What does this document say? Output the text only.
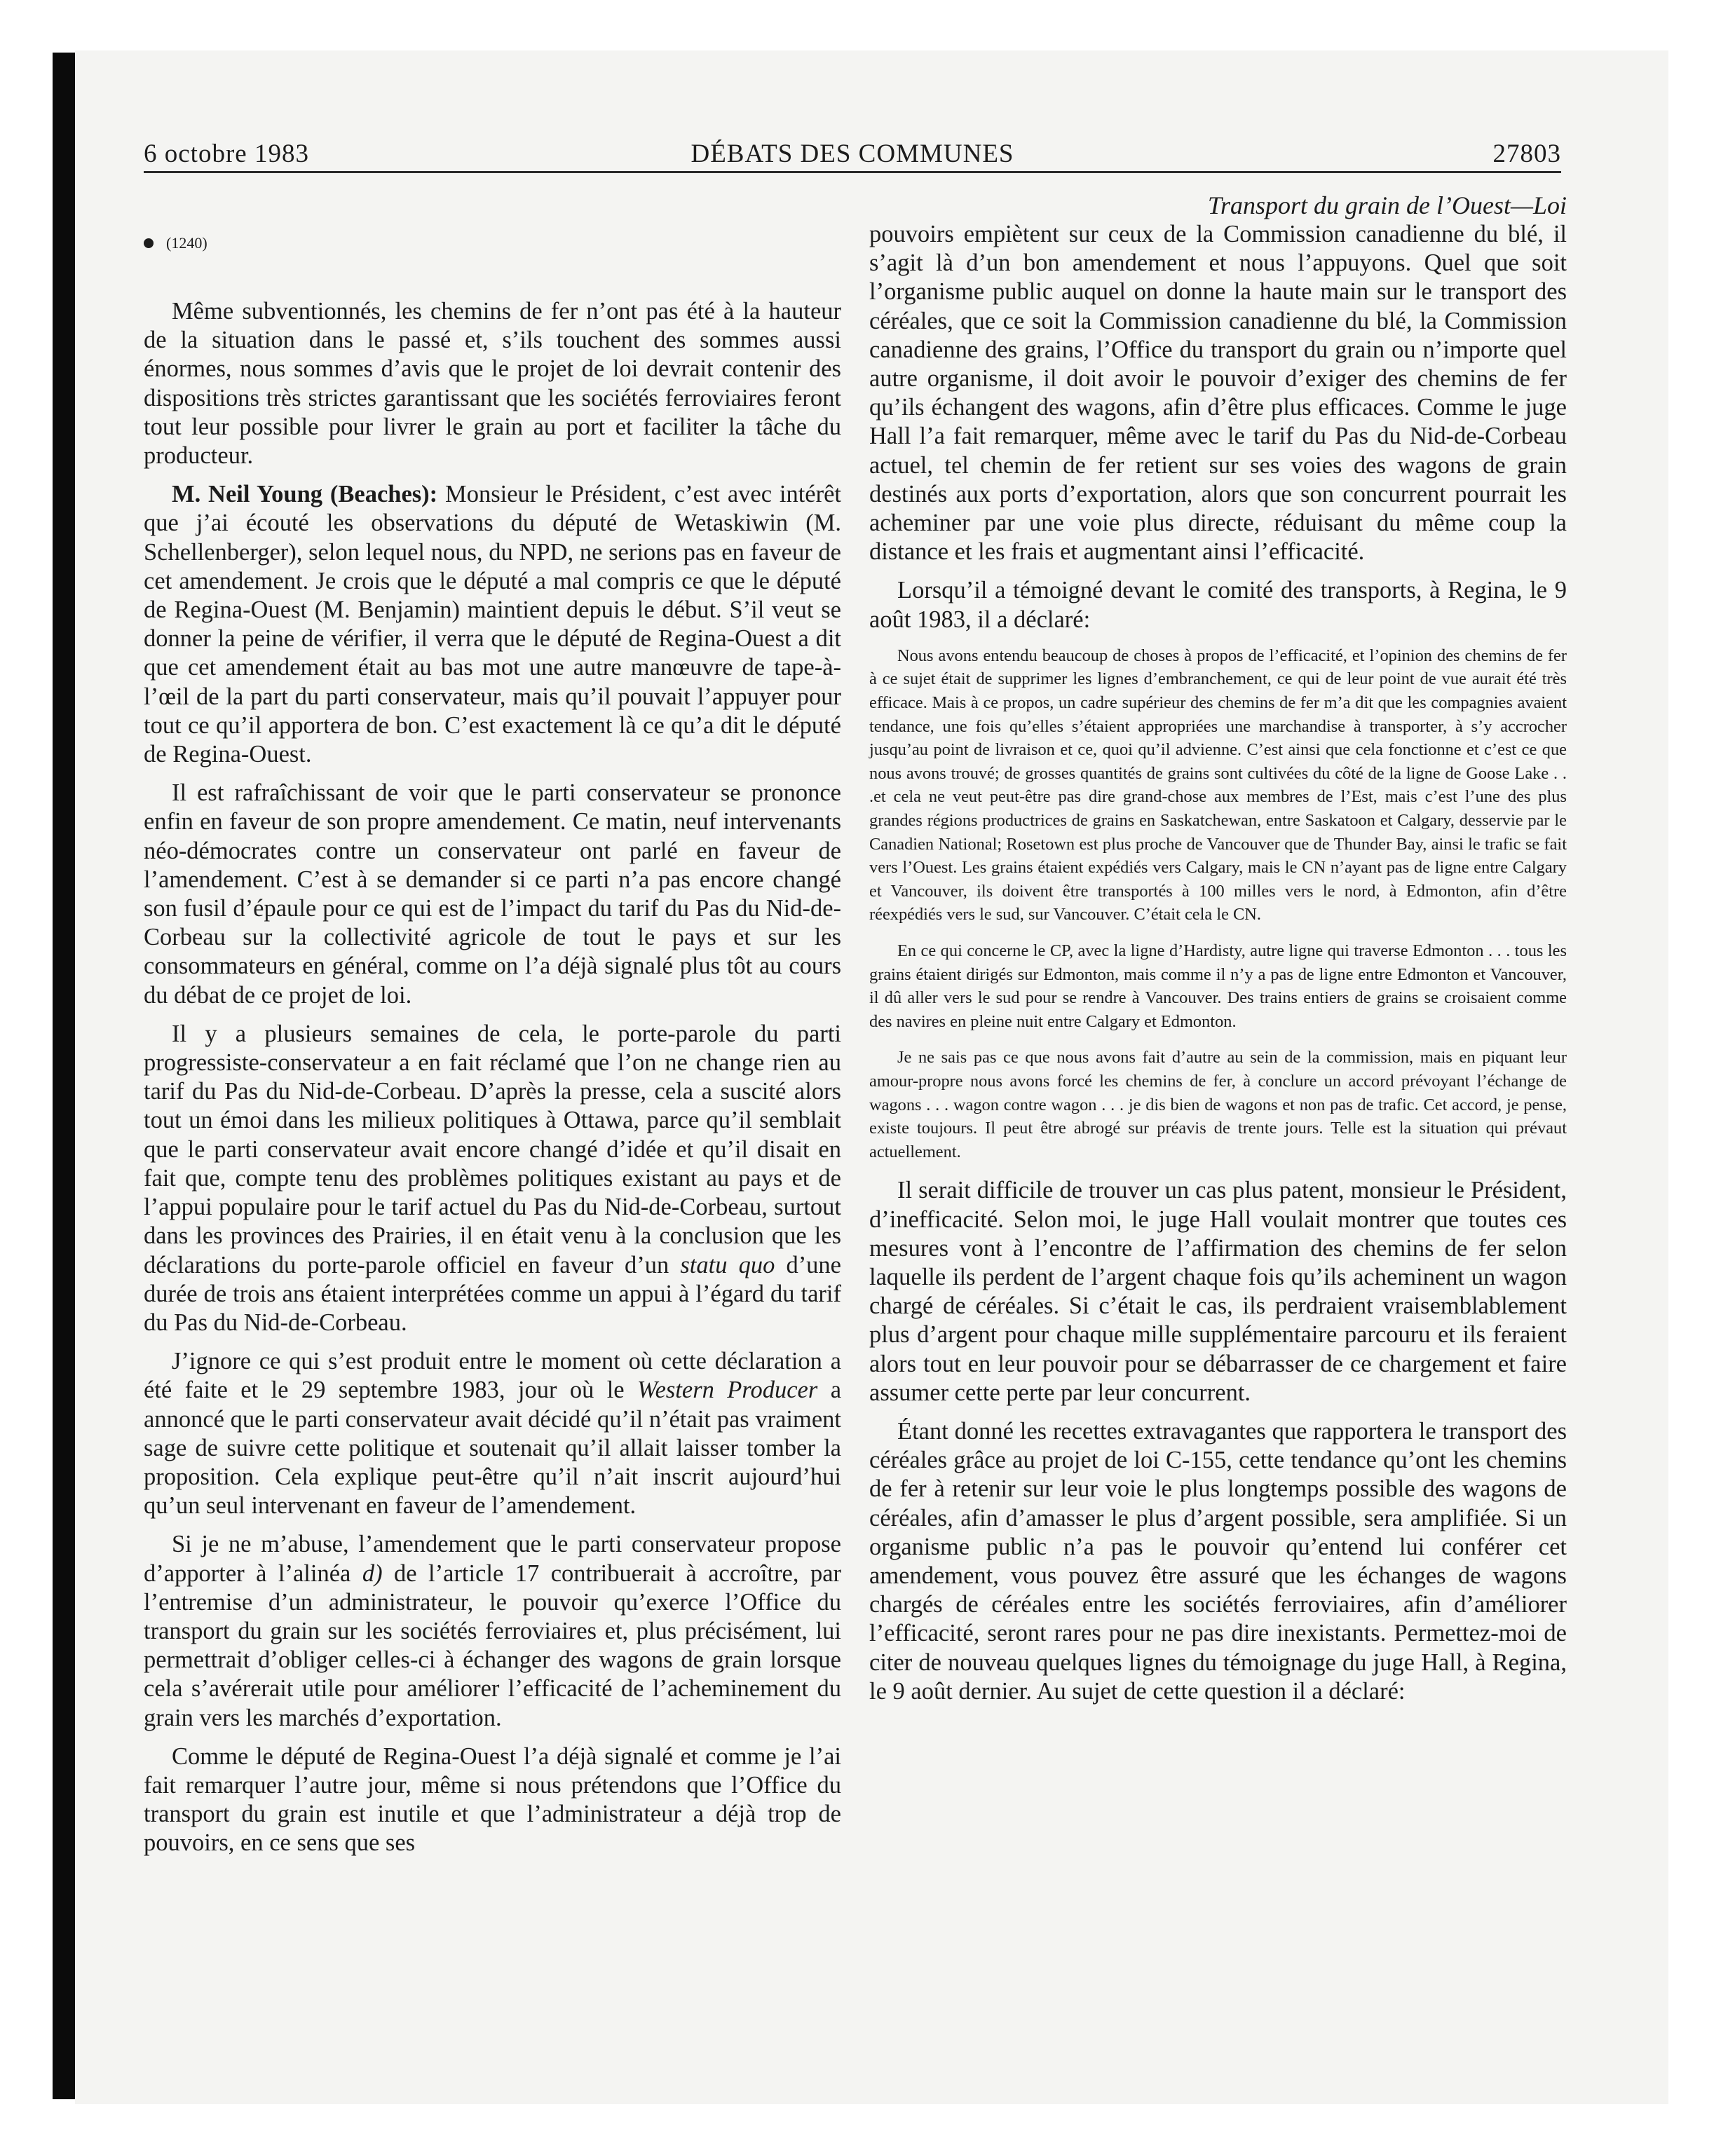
6 octobre 1983	DÉBATS DES COMMUNES	27803
(1240)

Même subventionnés, les chemins de fer n’ont pas été à la hauteur de la situation dans le passé et, s’ils touchent des sommes aussi énormes, nous sommes d’avis que le projet de loi devrait contenir des dispositions très strictes garantissant que les sociétés ferroviaires feront tout leur possible pour livrer le grain au port et faciliter la tâche du producteur.

M. Neil Young (Beaches): Monsieur le Président, c’est avec intérêt que j’ai écouté les observations du député de Wetaskiwin (M. Schellenberger), selon lequel nous, du NPD, ne serions pas en faveur de cet amendement. Je crois que le député a mal compris ce que le député de Regina-Ouest (M. Benjamin) maintient depuis le début. S’il veut se donner la peine de vérifier, il verra que le député de Regina-Ouest a dit que cet amendement était au bas mot une autre manœuvre de tape-à-l’œil de la part du parti conservateur, mais qu’il pouvait l’appuyer pour tout ce qu’il apportera de bon. C’est exactement là ce qu’a dit le député de Regina-Ouest.

Il est rafraîchissant de voir que le parti conservateur se prononce enfin en faveur de son propre amendement. Ce matin, neuf intervenants néo-démocrates contre un conservateur ont parlé en faveur de l’amendement. C’est à se demander si ce parti n’a pas encore changé son fusil d’épaule pour ce qui est de l’impact du tarif du Pas du Nid-de-Corbeau sur la collectivité agricole de tout le pays et sur les consommateurs en général, comme on l’a déjà signalé plus tôt au cours du débat de ce projet de loi.

Il y a plusieurs semaines de cela, le porte-parole du parti progressiste-conservateur a en fait réclamé que l’on ne change rien au tarif du Pas du Nid-de-Corbeau. D’après la presse, cela a suscité alors tout un émoi dans les milieux politiques à Ottawa, parce qu’il semblait que le parti conservateur avait encore changé d’idée et qu’il disait en fait que, compte tenu des problèmes politiques existant au pays et de l’appui populaire pour le tarif actuel du Pas du Nid-de-Corbeau, surtout dans les provinces des Prairies, il en était venu à la conclusion que les déclarations du porte-parole officiel en faveur d’un statu quo d’une durée de trois ans étaient interprétées comme un appui à l’égard du tarif du Pas du Nid-de-Corbeau.

J’ignore ce qui s’est produit entre le moment où cette déclaration a été faite et le 29 septembre 1983, jour où le Western Producer a annoncé que le parti conservateur avait décidé qu’il n’était pas vraiment sage de suivre cette politique et soutenait qu’il allait laisser tomber la proposition. Cela explique peut-être qu’il n’ait inscrit aujourd’hui qu’un seul intervenant en faveur de l’amendement.

Si je ne m’abuse, l’amendement que le parti conservateur propose d’apporter à l’alinéa d) de l’article 17 contribuerait à accroître, par l’entremise d’un administrateur, le pouvoir qu’exerce l’Office du transport du grain sur les sociétés ferroviaires et, plus précisément, lui permettrait d’obliger celles-ci à échanger des wagons de grain lorsque cela s’avérerait utile pour améliorer l’efficacité de l’acheminement du grain vers les marchés d’exportation.

Comme le député de Regina-Ouest l’a déjà signalé et comme je l’ai fait remarquer l’autre jour, même si nous prétendons que l’Office du transport du grain est inutile et que l’administrateur a déjà trop de pouvoirs, en ce sens que ses

Transport du grain de l’Ouest—Loi

pouvoirs empiètent sur ceux de la Commission canadienne du blé, il s’agit là d’un bon amendement et nous l’appuyons. Quel que soit l’organisme public auquel on donne la haute main sur le transport des céréales, que ce soit la Commission canadienne du blé, la Commission canadienne des grains, l’Office du transport du grain ou n’importe quel autre organisme, il doit avoir le pouvoir d’exiger des chemins de fer qu’ils échangent des wagons, afin d’être plus efficaces. Comme le juge Hall l’a fait remarquer, même avec le tarif du Pas du Nid-de-Corbeau actuel, tel chemin de fer retient sur ses voies des wagons de grain destinés aux ports d’exportation, alors que son concurrent pourrait les acheminer par une voie plus directe, réduisant du même coup la distance et les frais et augmentant ainsi l’efficacité.

Lorsqu’il a témoigné devant le comité des transports, à Regina, le 9 août 1983, il a déclaré:

Nous avons entendu beaucoup de choses à propos de l’efficacité, et l’opinion des chemins de fer à ce sujet était de supprimer les lignes d’embranchement, ce qui de leur point de vue aurait été très efficace. Mais à ce propos, un cadre supérieur des chemins de fer m’a dit que les compagnies avaient tendance, une fois qu’elles s’étaient appropriées une marchandise à transporter, à s’y accrocher jusqu’au point de livraison et ce, quoi qu’il advienne. C’est ainsi que cela fonctionne et c’est ce que nous avons trouvé; de grosses quantités de grains sont cultivées du côté de la ligne de Goose Lake . . .et cela ne veut peut-être pas dire grand-chose aux membres de l’Est, mais c’est l’une des plus grandes régions productrices de grains en Saskatchewan, entre Saskatoon et Calgary, desservie par le Canadien National; Rosetown est plus proche de Vancouver que de Thunder Bay, ainsi le trafic se fait vers l’Ouest. Les grains étaient expédiés vers Calgary, mais le CN n’ayant pas de ligne entre Calgary et Vancouver, ils doivent être transportés à 100 milles vers le nord, à Edmonton, afin d’être réexpédiés vers le sud, sur Vancouver. C’était cela le CN.

En ce qui concerne le CP, avec la ligne d’Hardisty, autre ligne qui traverse Edmonton . . . tous les grains étaient dirigés sur Edmonton, mais comme il n’y a pas de ligne entre Edmonton et Vancouver, il dû aller vers le sud pour se rendre à Vancouver. Des trains entiers de grains se croisaient comme des navires en pleine nuit entre Calgary et Edmonton.

Je ne sais pas ce que nous avons fait d’autre au sein de la commission, mais en piquant leur amour-propre nous avons forcé les chemins de fer, à conclure un accord prévoyant l’échange de wagons . . . wagon contre wagon . . . je dis bien de wagons et non pas de trafic. Cet accord, je pense, existe toujours. Il peut être abrogé sur préavis de trente jours. Telle est la situation qui prévaut actuellement.

Il serait difficile de trouver un cas plus patent, monsieur le Président, d’inefficacité. Selon moi, le juge Hall voulait montrer que toutes ces mesures vont à l’encontre de l’affirmation des chemins de fer selon laquelle ils perdent de l’argent chaque fois qu’ils acheminent un wagon chargé de céréales. Si c’était le cas, ils perdraient vraisemblablement plus d’argent pour chaque mille supplémentaire parcouru et ils feraient alors tout en leur pouvoir pour se débarrasser de ce chargement et faire assumer cette perte par leur concurrent.

Étant donné les recettes extravagantes que rapportera le transport des céréales grâce au projet de loi C-155, cette tendance qu’ont les chemins de fer à retenir sur leur voie le plus longtemps possible des wagons de céréales, afin d’amasser le plus d’argent possible, sera amplifiée. Si un organisme public n’a pas le pouvoir qu’entend lui conférer cet amendement, vous pouvez être assuré que les échanges de wagons chargés de céréales entre les sociétés ferroviaires, afin d’améliorer l’efficacité, seront rares pour ne pas dire inexistants. Permettez-moi de citer de nouveau quelques lignes du témoignage du juge Hall, à Regina, le 9 août dernier. Au sujet de cette question il a déclaré:
